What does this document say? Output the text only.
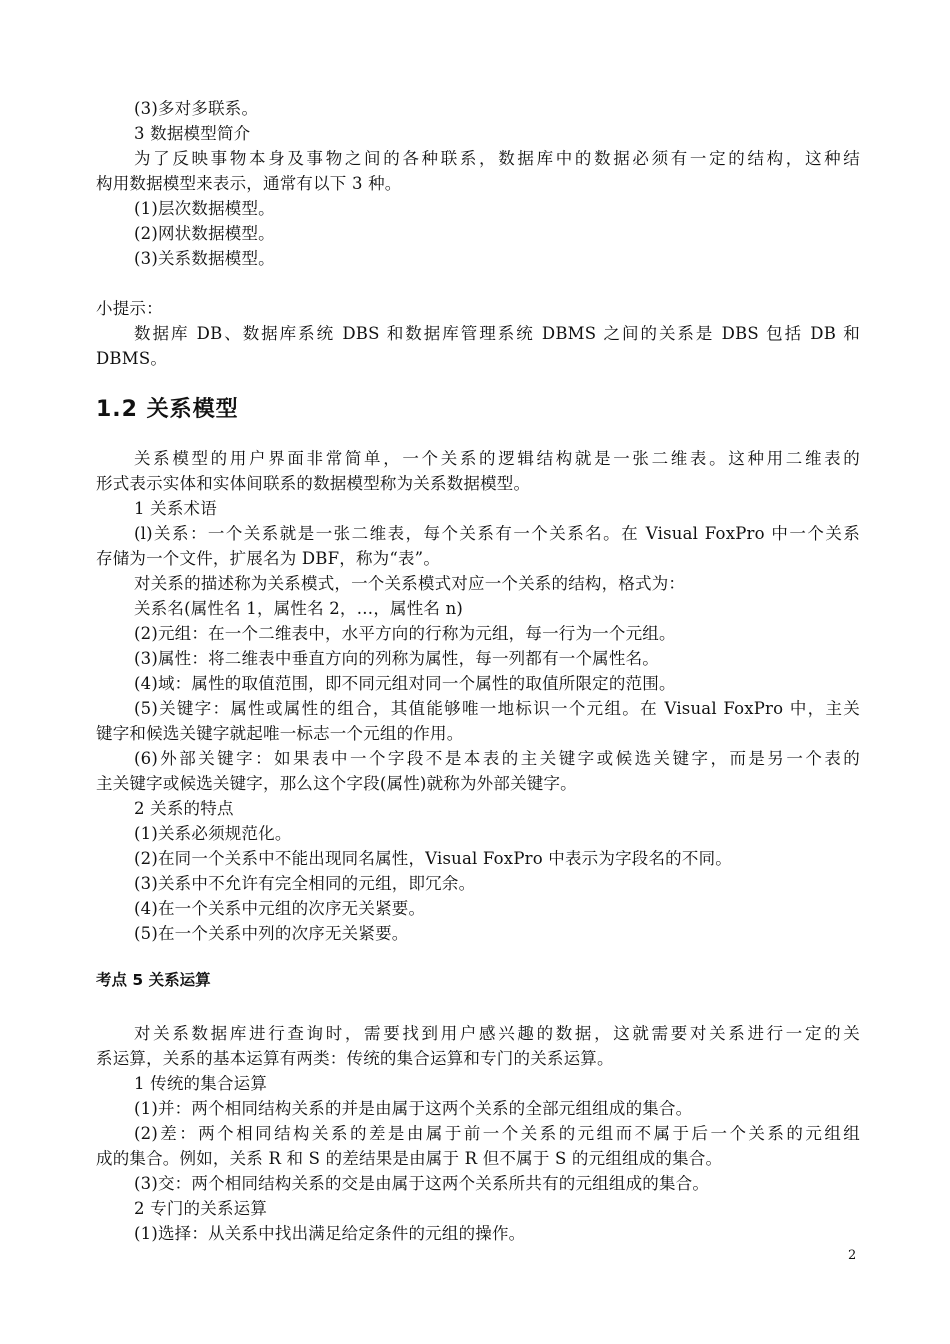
(3)多对多联系。
3 数据模型简介
为了反映事物本身及事物之间的各种联系，数据库中的数据必须有一定的结构，这种结
构用数据模型来表示，通常有以下 3 种。
(1)层次数据模型。
(2)网状数据模型。
(3)关系数据模型。
小提示：
数据库 DB、数据库系统 DBS 和数据库管理系统 DBMS 之间的关系是 DBS 包括 DB 和
DBMS。
1.2 关系模型
关系模型的用户界面非常简单，一个关系的逻辑结构就是一张二维表。这种用二维表的
形式表示实体和实体间联系的数据模型称为关系数据模型。
1 关系术语
(l)关系：一个关系就是一张二维表，每个关系有一个关系名。在 Visual FoxPro 中一个关系
存储为一个文件，扩展名为 DBF，称为“表”。
对关系的描述称为关系模式，一个关系模式对应一个关系的结构，格式为：
关系名(属性名 1，属性名 2，…，属性名 n)
(2)元组：在一个二维表中，水平方向的行称为元组，每一行为一个元组。
(3)属性：将二维表中垂直方向的列称为属性，每一列都有一个属性名。
(4)域：属性的取值范围，即不同元组对同一个属性的取值所限定的范围。
(5)关键字：属性或属性的组合，其值能够唯一地标识一个元组。在 Visual FoxPro 中，主关
键字和候选关键字就起唯一标志一个元组的作用。
(6)外部关键字：如果表中一个字段不是本表的主关键字或候选关键字，而是另一个表的
主关键字或候选关键字，那么这个字段(属性)就称为外部关键字。
2 关系的特点
(1)关系必须规范化。
(2)在同一个关系中不能出现同名属性，Visual FoxPro 中表示为字段名的不同。
(3)关系中不允许有完全相同的元组，即冗余。
(4)在一个关系中元组的次序无关紧要。
(5)在一个关系中列的次序无关紧要。
考点 5 关系运算
对关系数据库进行查询时，需要找到用户感兴趣的数据，这就需要对关系进行一定的关
系运算，关系的基本运算有两类：传统的集合运算和专门的关系运算。
1 传统的集合运算
(1)并：两个相同结构关系的并是由属于这两个关系的全部元组组成的集合。
(2)差：两个相同结构关系的差是由属于前一个关系的元组而不属于后一个关系的元组组
成的集合。例如，关系 R 和 S 的差结果是由属于 R 但不属于 S 的元组组成的集合。
(3)交：两个相同结构关系的交是由属于这两个关系所共有的元组组成的集合。
2 专门的关系运算
(1)选择：从关系中找出满足给定条件的元组的操作。
2
